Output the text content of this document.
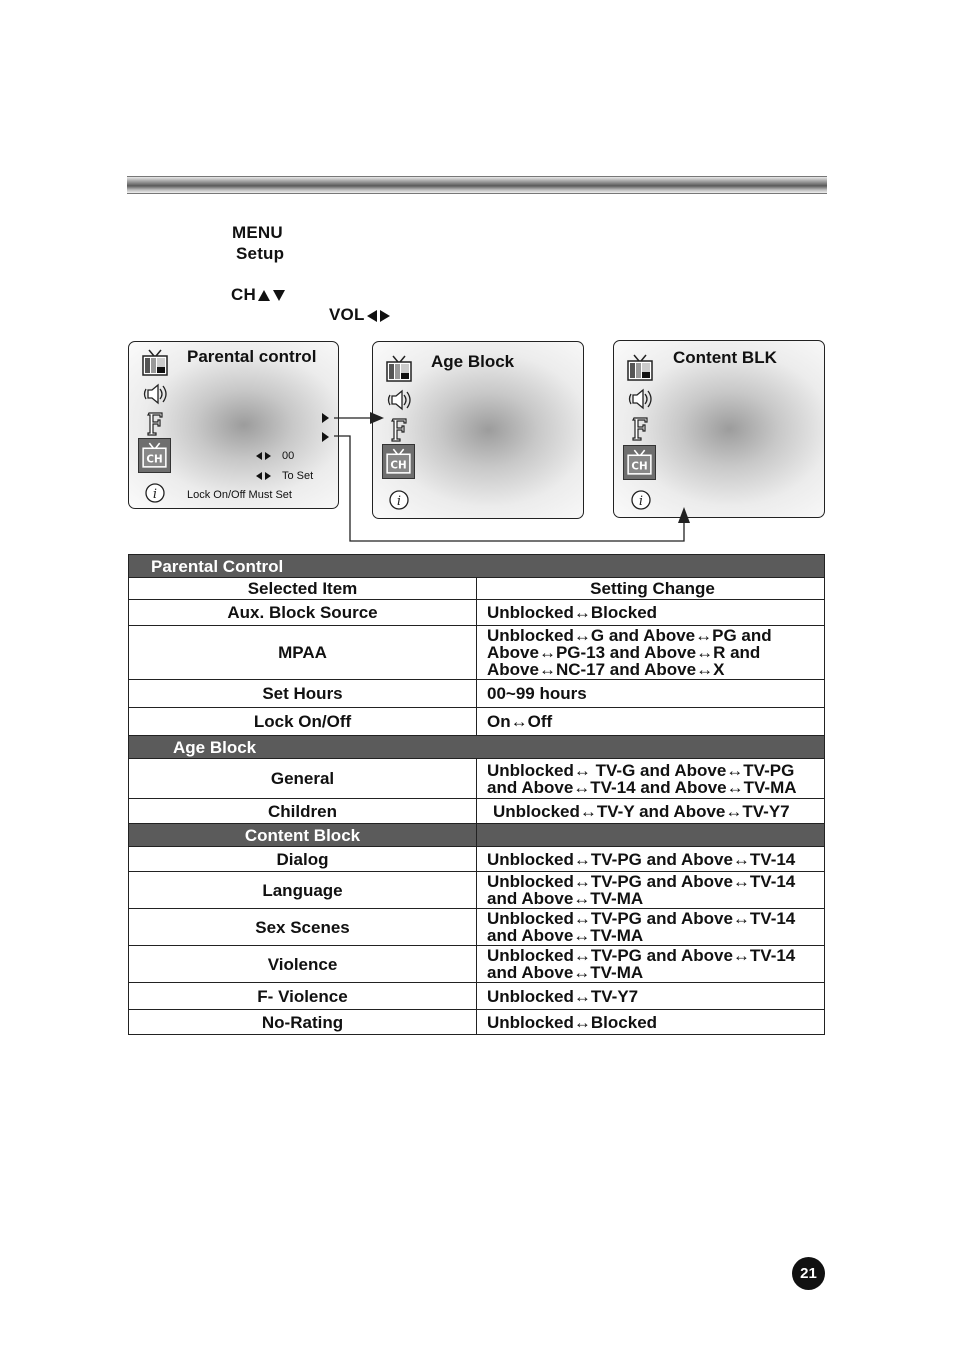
MENU
Setup
CH
VOL
Parental control
CH
i
00
To Set
Lock On/Off Must Set
Age Block
CH
i
Content BLK
CH
i
Parental Control	
Selected Item	Setting Change
Aux. Block Source	Unblocked↔Blocked
MPAA	Unblocked↔G and Above↔PG and Above↔PG-13 and Above↔R and Above↔NC-17 and Above↔X
Set Hours	00~99 hours
Lock On/Off	On↔Off
Age Block	
General	Unblocked↔ TV-G and Above↔TV-PG and Above↔TV-14 and Above↔TV-MA
Children	Unblocked↔TV-Y and Above↔TV-Y7
Content Block	
Dialog	Unblocked↔TV-PG and Above↔TV-14
Language	Unblocked↔TV-PG and Above↔TV-14 and Above↔TV-MA
Sex Scenes	Unblocked↔TV-PG and Above↔TV-14 and Above↔TV-MA
Violence	Unblocked↔TV-PG and Above↔TV-14 and Above↔TV-MA
F- Violence	Unblocked↔TV-Y7
No-Rating	Unblocked↔Blocked
21
